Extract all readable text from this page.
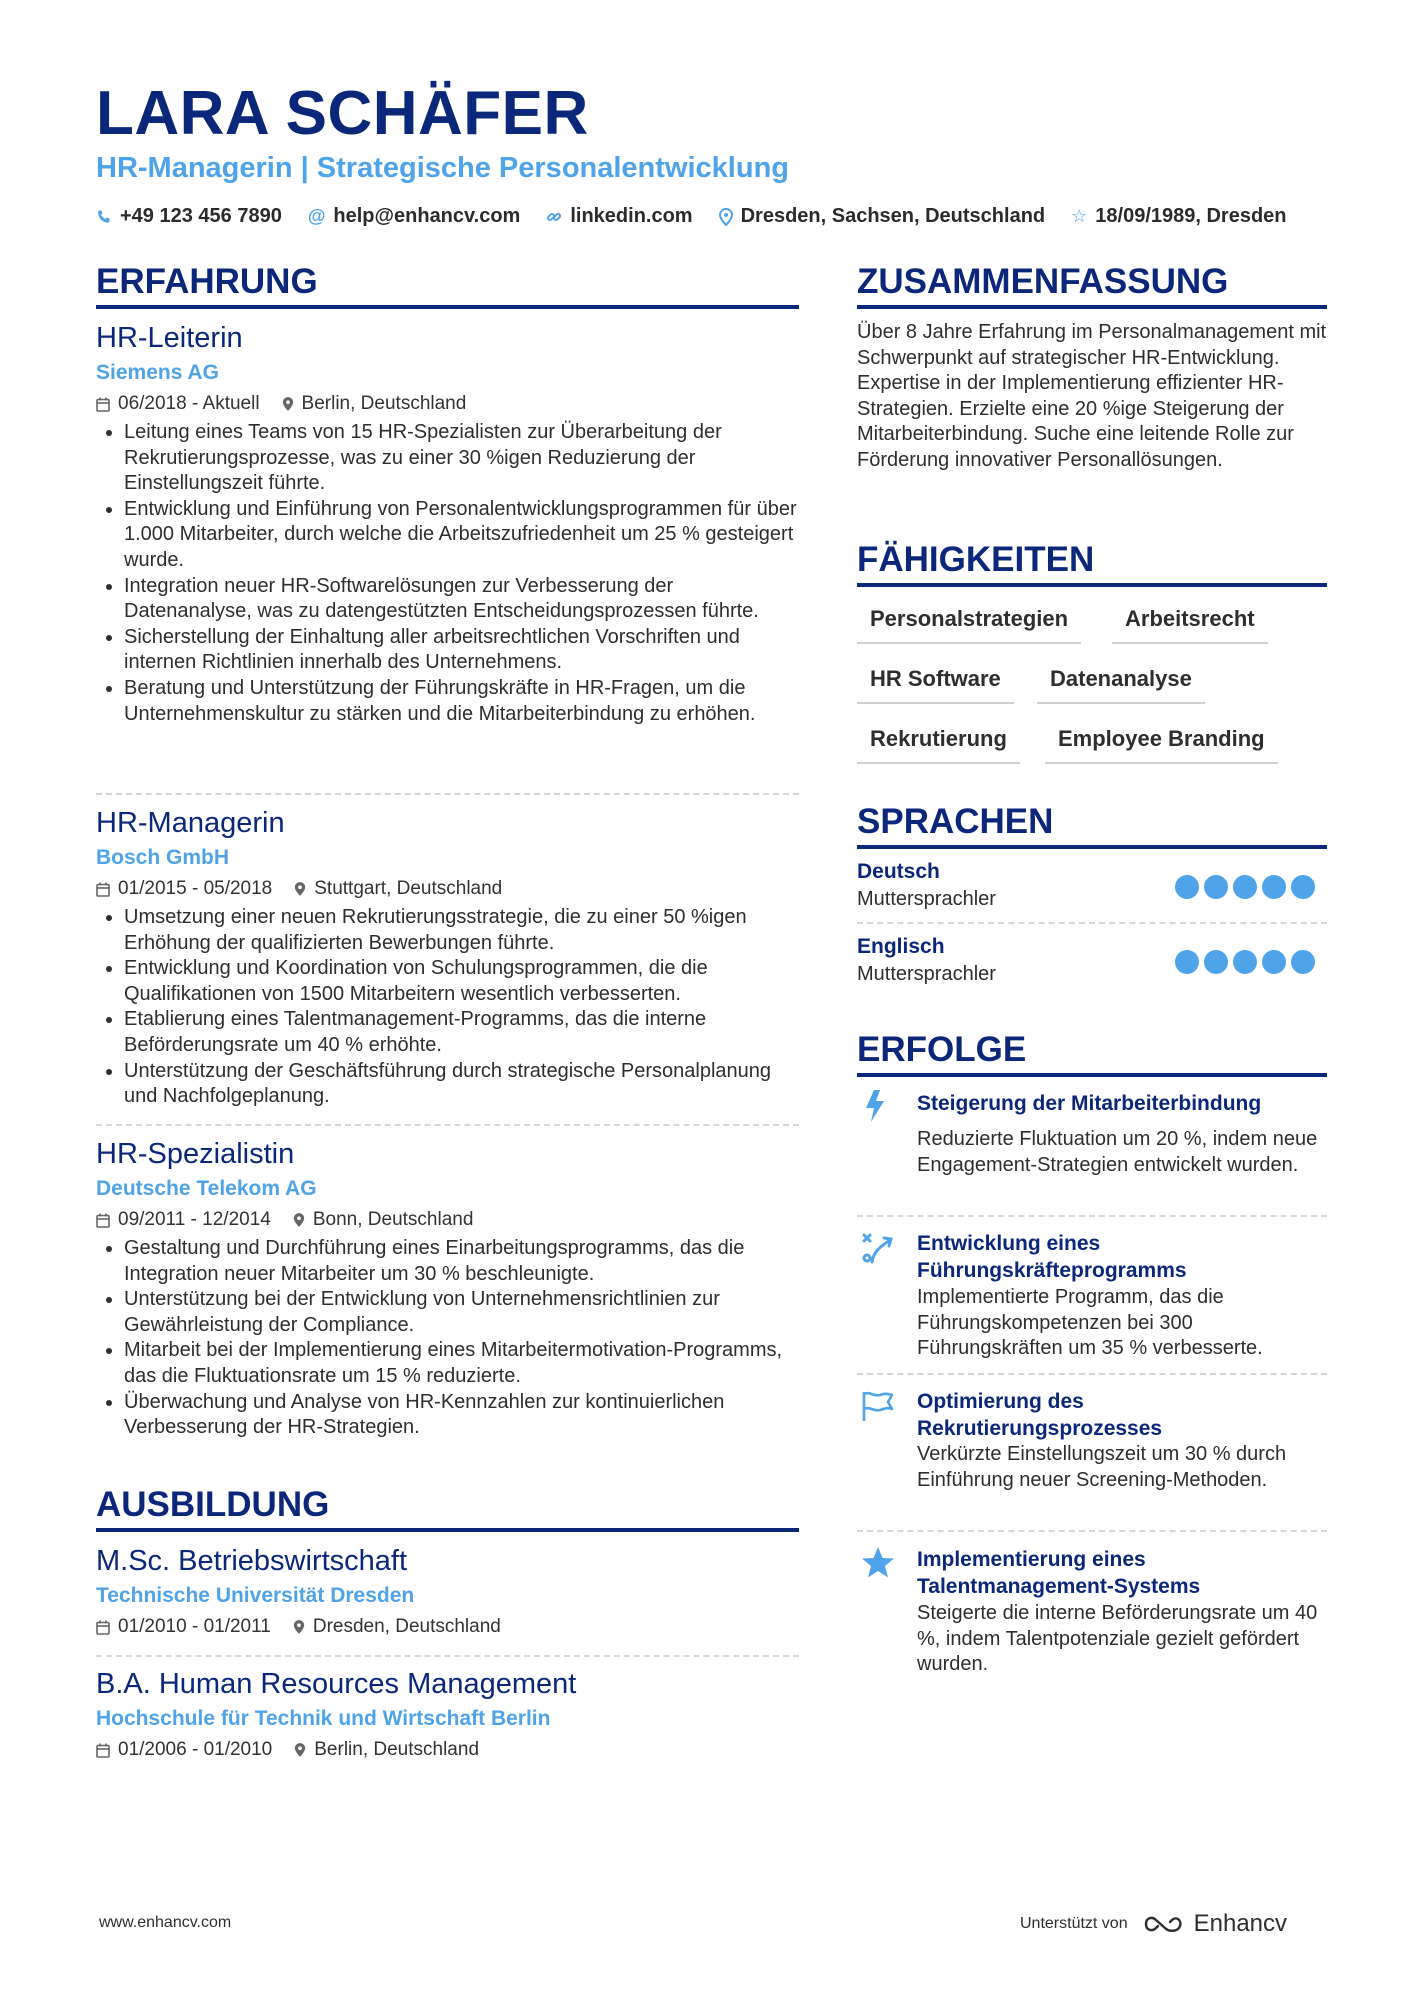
LARA SCHÄFER
HR-Managerin | Strategische Personalentwicklung
+49 123 456 7890 @ help@enhancv.com	linkedin.com Dresden, Sachsen, Deutschland ☆ 18/09/1989, Dresden
ERFAHRUNG
HR-Leiterin
Siemens AG
06/2018 - Aktuell Berlin, Deutschland
• Leitung eines Teams von 15 HR-Spezialisten zur Überarbeitung der Rekrutierungsprozesse, was zu einer 30 %igen Reduzierung der Einstellungszeit führte.
• Entwicklung und Einführung von Personalentwicklungsprogrammen für über 1.000 Mitarbeiter, durch welche die Arbeitszufriedenheit um 25 % gesteigert wurde.
• Integration neuer HR-Softwarelösungen zur Verbesserung der Datenanalyse, was zu datengestützten Entscheidungsprozessen führte.
• Sicherstellung der Einhaltung aller arbeitsrechtlichen Vorschriften und internen Richtlinien innerhalb des Unternehmens.
• Beratung und Unterstützung der Führungskräfte in HR-Fragen, um die Unternehmenskultur zu stärken und die Mitarbeiterbindung zu erhöhen.
HR-Managerin
Bosch GmbH
01/2015 - 05/2018 Stuttgart, Deutschland
• Umsetzung einer neuen Rekrutierungsstrategie, die zu einer 50 %igen Erhöhung der qualifizierten Bewerbungen führte.
• Entwicklung und Koordination von Schulungsprogrammen, die die Qualifikationen von 1500 Mitarbeitern wesentlich verbesserten.
• Etablierung eines Talentmanagement-Programms, das die interne Beförderungsrate um 40 % erhöhte.
• Unterstützung der Geschäftsführung durch strategische Personalplanung und Nachfolgeplanung.
HR-Spezialistin
Deutsche Telekom AG
09/2011 - 12/2014 Bonn, Deutschland
• Gestaltung und Durchführung eines Einarbeitungsprogramms, das die Integration neuer Mitarbeiter um 30 % beschleunigte.
• Unterstützung bei der Entwicklung von Unternehmensrichtlinien zur Gewährleistung der Compliance.
• Mitarbeit bei der Implementierung eines Mitarbeitermotivation-Programms, das die Fluktuationsrate um 15 % reduzierte.
• Überwachung und Analyse von HR-Kennzahlen zur kontinuierlichen Verbesserung der HR-Strategien.
AUSBILDUNG
M.Sc. Betriebswirtschaft
Technische Universität Dresden
01/2010 - 01/2011 Dresden, Deutschland
B.A. Human Resources Management
Hochschule für Technik und Wirtschaft Berlin
01/2006 - 01/2010 Berlin, Deutschland
ZUSAMMENFASSUNG
Über 8 Jahre Erfahrung im Personalmanagement mit Schwerpunkt auf strategischer HR-Entwicklung. Expertise in der Implementierung effizienter HR-Strategien. Erzielte eine 20 %ige Steigerung der Mitarbeiterbindung. Suche eine leitende Rolle zur Förderung innovativer Personallösungen.
FÄHIGKEITEN
Personalstrategien	Arbeitsrecht
HR Software	Datenanalyse
Rekrutierung	Employee Branding
SPRACHEN
Deutsch
Muttersprachler
Englisch
Muttersprachler
ERFOLGE
Steigerung der Mitarbeiterbindung
Reduzierte Fluktuation um 20 %, indem neue Engagement-Strategien entwickelt wurden.
Entwicklung eines Führungskräfteprogramms
Implementierte Programm, das die Führungskompetenzen bei 300 Führungskräften um 35 % verbesserte.
Optimierung des Rekrutierungsprozesses
Verkürzte Einstellungszeit um 30 % durch Einführung neuer Screening-Methoden.
Implementierung eines Talentmanagement-Systems
Steigerte die interne Beförderungsrate um 40 %, indem Talentpotenziale gezielt gefördert wurden.
www.enhancv.com	Unterstützt von	Enhancv
